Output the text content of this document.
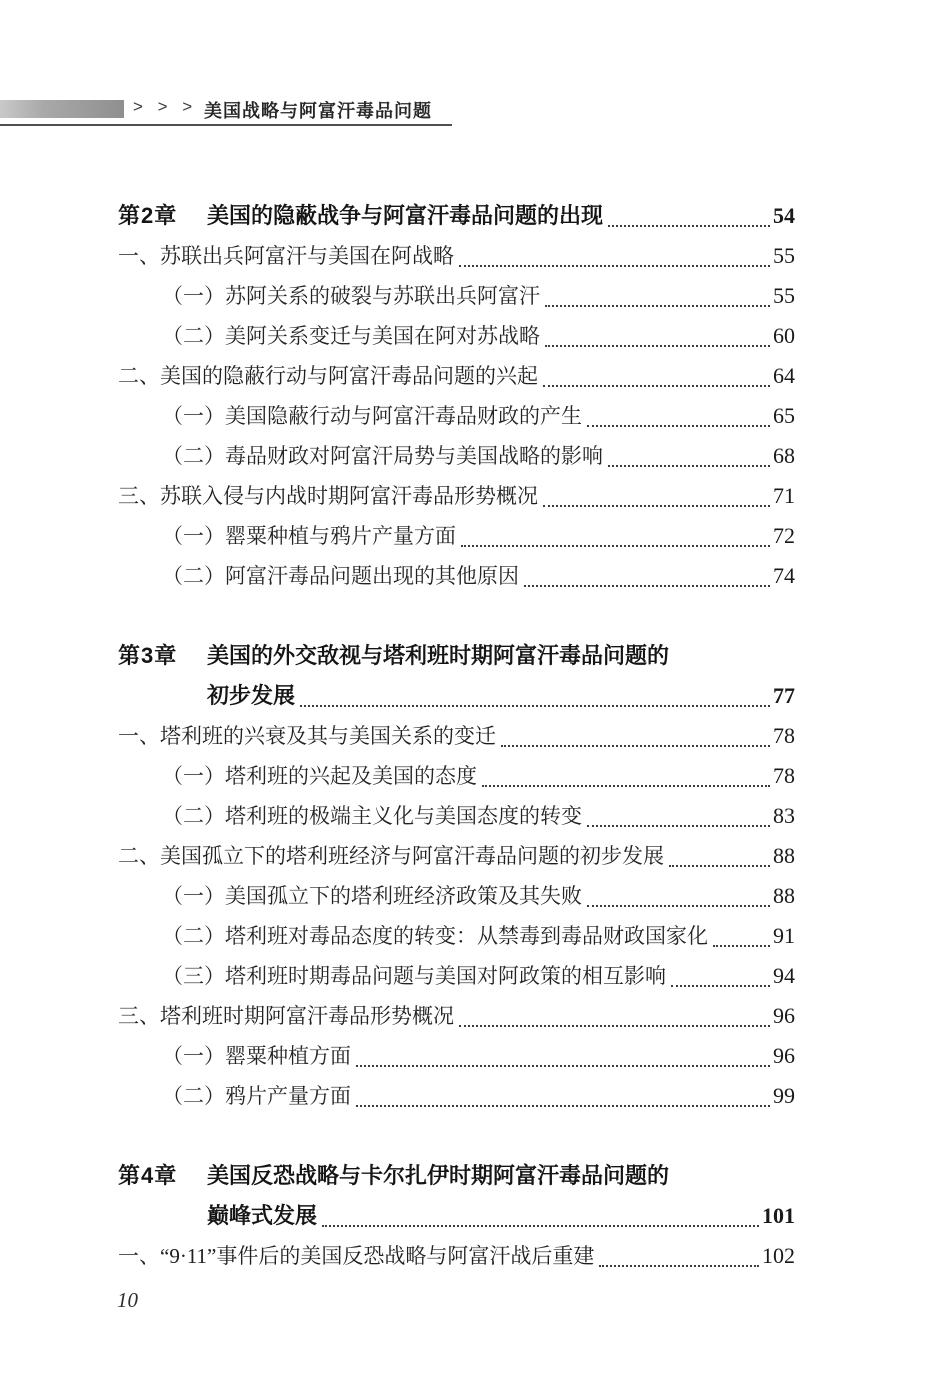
> > > 美国战略与阿富汗毒品问题
第2章	美国的隐蔽战争与阿富汗毒品问题的出现	54
一、苏联出兵阿富汗与美国在阿战略	55
（一）苏阿关系的破裂与苏联出兵阿富汗	55
（二）美阿关系变迁与美国在阿对苏战略	60
二、美国的隐蔽行动与阿富汗毒品问题的兴起	64
（一）美国隐蔽行动与阿富汗毒品财政的产生	65
（二）毒品财政对阿富汗局势与美国战略的影响	68
三、苏联入侵与内战时期阿富汗毒品形势概况	71
（一）罂粟种植与鸦片产量方面	72
（二）阿富汗毒品问题出现的其他原因	74
第3章	美国的外交敌视与塔利班时期阿富汗毒品问题的
初步发展	77
一、塔利班的兴衰及其与美国关系的变迁	78
（一）塔利班的兴起及美国的态度	78
（二）塔利班的极端主义化与美国态度的转变	83
二、美国孤立下的塔利班经济与阿富汗毒品问题的初步发展	88
（一）美国孤立下的塔利班经济政策及其失败	88
（二）塔利班对毒品态度的转变：从禁毒到毒品财政国家化	91
（三）塔利班时期毒品问题与美国对阿政策的相互影响	94
三、塔利班时期阿富汗毒品形势概况	96
（一）罂粟种植方面	96
（二）鸦片产量方面	99
第4章	美国反恐战略与卡尔扎伊时期阿富汗毒品问题的
巅峰式发展	101
一、“9·11”事件后的美国反恐战略与阿富汗战后重建	102
10
